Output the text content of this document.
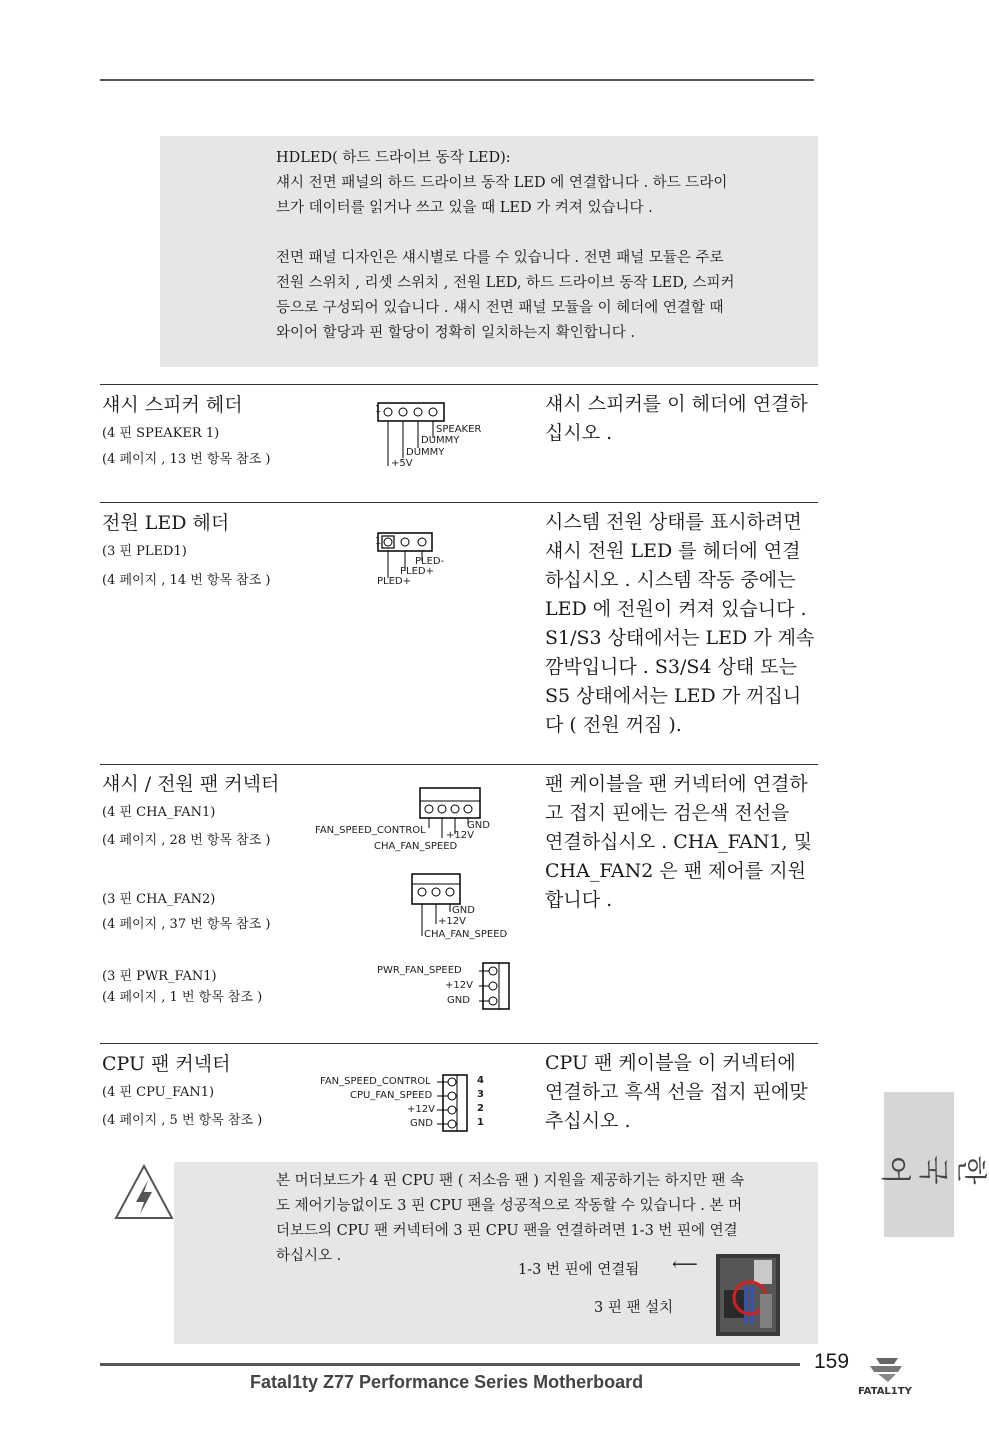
HDLED( 하드 드라이브 동작 LED):

섀시 전면 패널의 하드 드라이브 동작 LED 에 연결합니다 . 하드 드라이

브가 데이터를 읽거나 쓰고 있을 때 LED 가 켜져 있습니다 .

전면 패널 디자인은 섀시별로 다를 수 있습니다 . 전면 패널 모듈은 주로

전원 스위치 , 리셋 스위치 , 전원 LED, 하드 드라이브 동작 LED, 스피커

등으로 구성되어 있습니다 . 섀시 전면 패널 모듈을 이 헤더에 연결할 때

와이어 할당과 핀 할당이 정확히 일치하는지 확인합니다 .

섀시 스피커 헤더
(4 핀 SPEAKER 1)
(4 페이지 , 13 번 항목 참조 )
섀시 스피커를 이 헤더에 연결하
십시오 .
1
SPEAKER
DUMMY
DUMMY
+5V
전원 LED 헤더
(3 핀 PLED1)
(4 페이지 , 14 번 항목 참조 )
시스템 전원 상태를 표시하려면
섀시 전원 LED 를 헤더에 연결
하십시오 . 시스템 작동 중에는
LED 에 전원이 켜져 있습니다 .
S1/S3 상태에서는 LED 가 계속
깜박입니다 . S3/S4 상태 또는
S5 상태에서는 LED 가 꺼집니
다 ( 전원 꺼짐 ).
1
PLED-
PLED+
PLED+
섀시 / 전원 팬 커넥터
(4 핀 CHA_FAN1)
(4 페이지 , 28 번 항목 참조 )
(3 핀 CHA_FAN2)
(4 페이지 , 37 번 항목 참조 )
(3 핀 PWR_FAN1)
(4 페이지 , 1 번 항목 참조 )
팬 케이블을 팬 커넥터에 연결하
고 접지 핀에는 검은색 전선을
연결하십시오 . CHA_FAN1, 및
CHA_FAN2 은 팬 제어를 지원
합니다 .
GND
+12V
CHA_FAN_SPEED
FAN_SPEED_CONTROL
GND
+12V
CHA_FAN_SPEED
PWR_FAN_SPEED
+12V
GND
CPU 팬 커넥터
(4 핀 CPU_FAN1)
(4 페이지 , 5 번 항목 참조 )
CPU 팬 케이블을 이 커넥터에
연결하고 흑색 선을 접지 핀에맞
추십시오 .
FAN_SPEED_CONTROL
CPU_FAN_SPEED
+12V
GND
4
3
2
1
본 머더보드가 4 핀 CPU 팬 ( 저소음 팬 ) 지원을 제공하기는 하지만 팬 속
도 제어기능없이도 3 핀 CPU 팬을 성공적으로 작동할 수 있습니다 . 본 머
더보드의 CPU 팬 커넥터에 3 핀 CPU 팬을 연결하려면 1-3 번 핀에 연결
하십시오 .
1-3 번 핀에 연결됨 ⟵
3 핀 팬 설치
한
국
어
159
Fatal1ty Z77 Performance Series Motherboard	FATAL1TY
